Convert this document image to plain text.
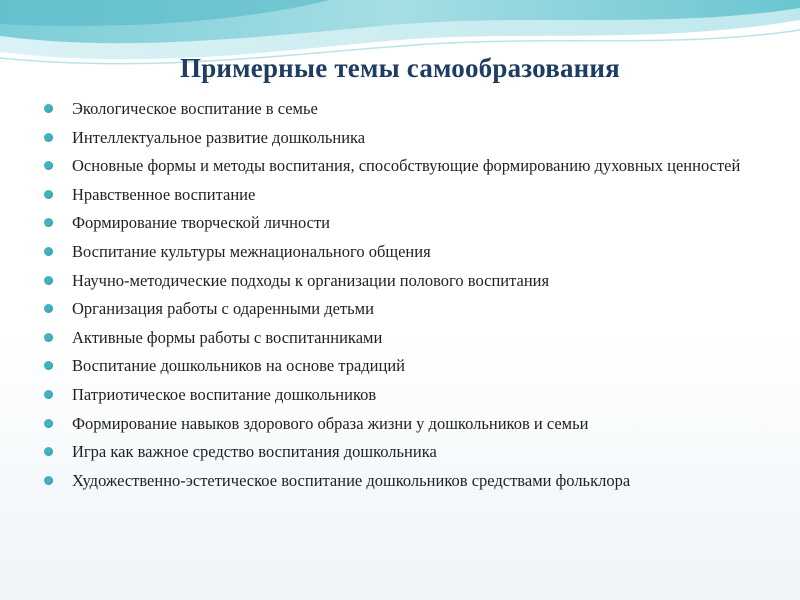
Примерные темы самообразования
Экологическое воспитание в семье
Интеллектуальное развитие дошкольника
Основные формы и методы воспитания, способствующие формированию духовных ценностей
Нравственное воспитание
Формирование творческой личности
Воспитание культуры межнационального общения
Научно-методические подходы к организации полового воспитания
Организация работы с одаренными детьми
Активные формы работы с воспитанниками
Воспитание дошкольников на основе традиций
Патриотическое воспитание дошкольников
Формирование навыков здорового образа жизни у дошкольников и семьи
Игра как важное средство воспитания дошкольника
Художественно-эстетическое воспитание дошкольников средствами фольклора
